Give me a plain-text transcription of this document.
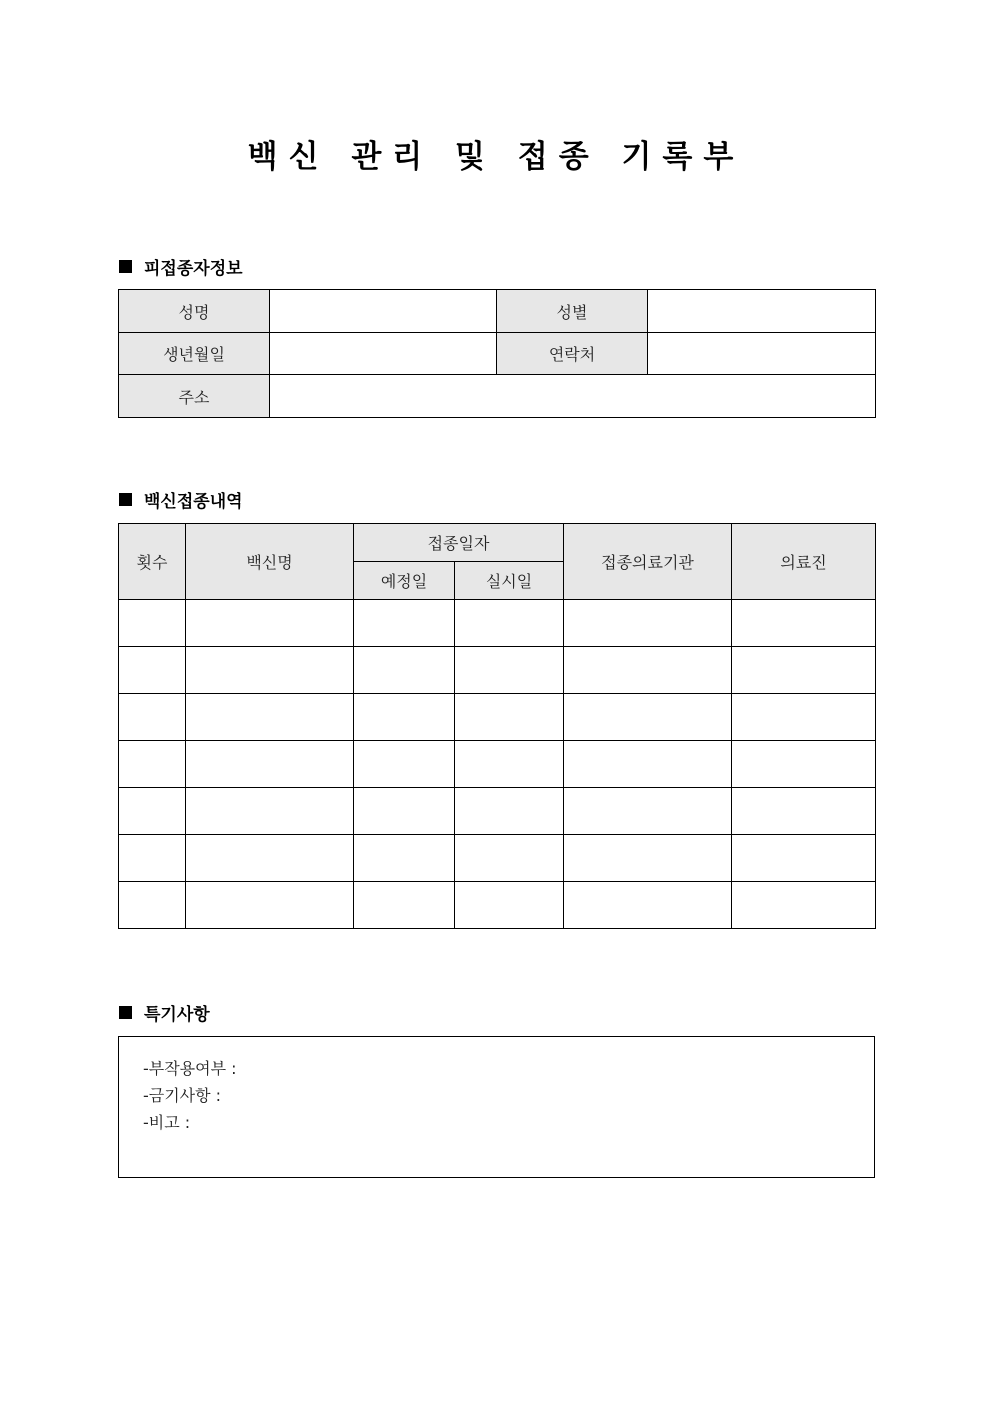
백신 관리 및 접종 기록부
피접종자정보
성명		성별	
생년월일		연락처	
주소			
백신접종내역
횟수	백신명	접종일자		접종의료기관	의료진
		예정일	실시일		

특기사항
-부작용여부 :
-금기사항 :
-비고 :
